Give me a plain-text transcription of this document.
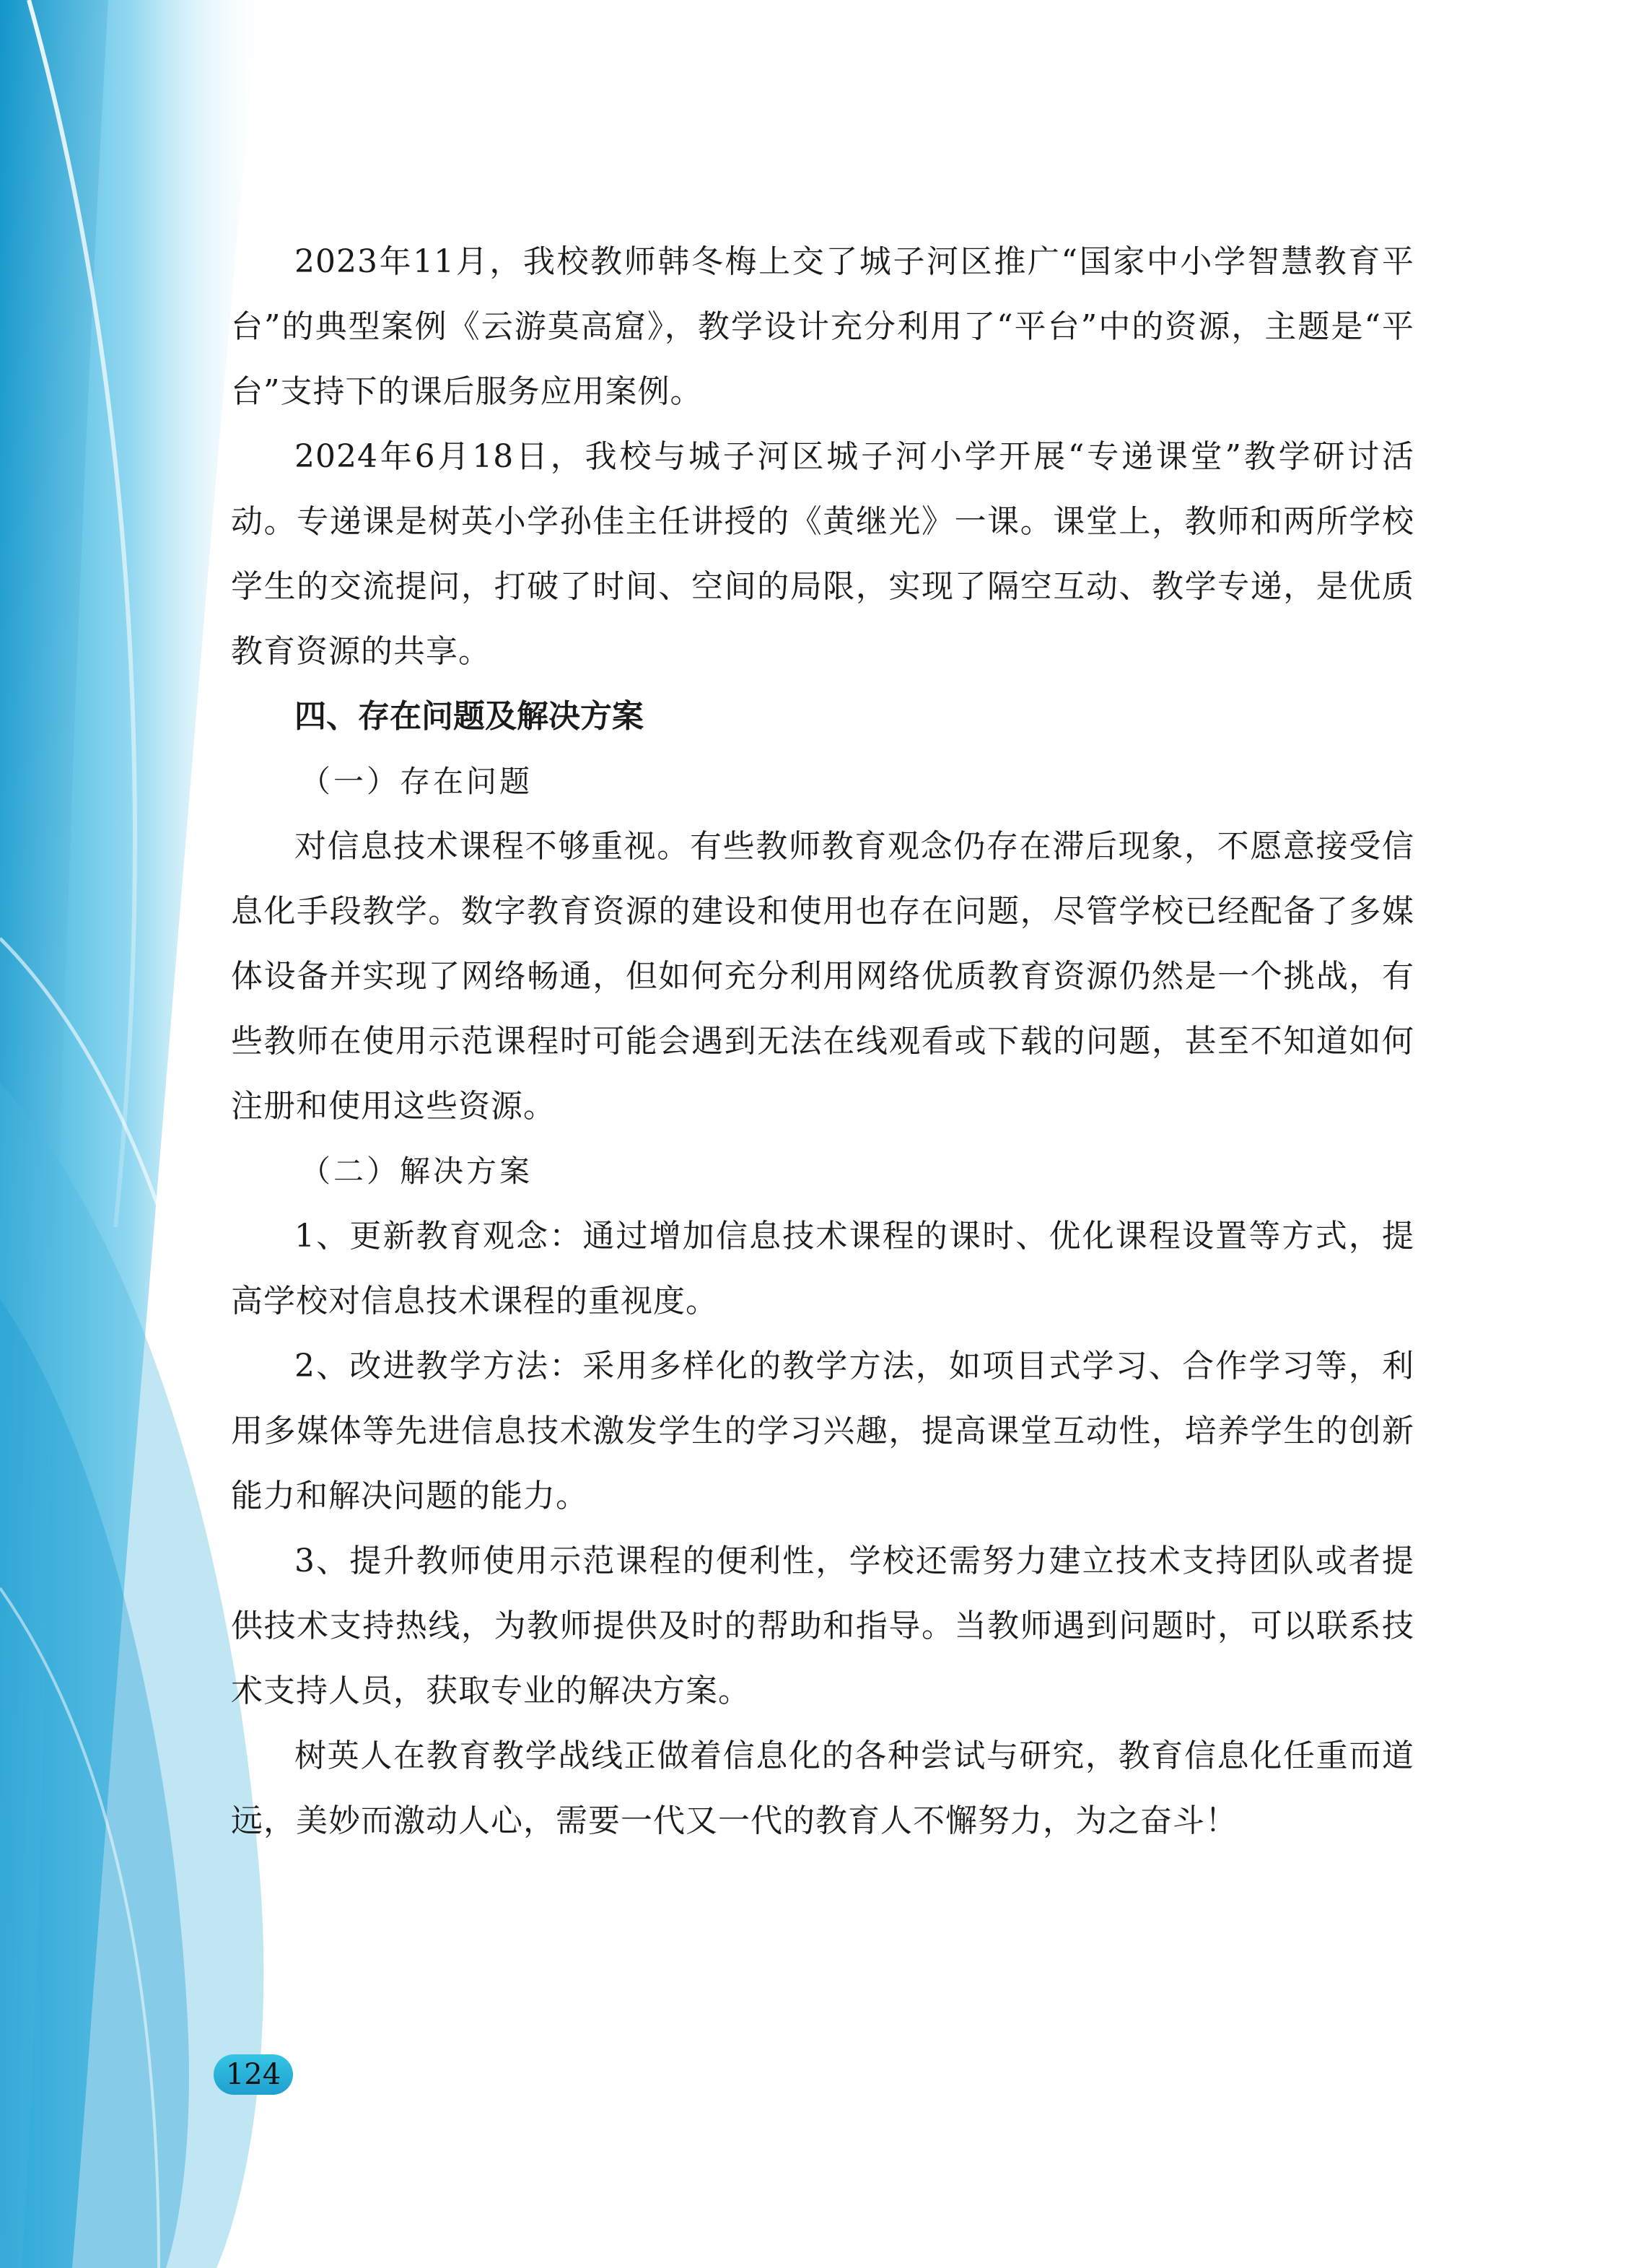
2023年11月，我校教师韩冬梅上交了城子河区推广“国家中小学智慧教育平台”的典型案例《云游莫高窟》，教学设计充分利用了“平台”中的资源，主题是“平台”支持下的课后服务应用案例。

2024年6月18日，我校与城子河区城子河小学开展“专递课堂”教学研讨活动。专递课是树英小学孙佳主任讲授的《黄继光》一课。课堂上，教师和两所学校学生的交流提问，打破了时间、空间的局限，实现了隔空互动、教学专递，是优质教育资源的共享。

四、存在问题及解决方案

（一）存在问题

对信息技术课程不够重视。有些教师教育观念仍存在滞后现象，不愿意接受信息化手段教学。数字教育资源的建设和使用也存在问题，尽管学校已经配备了多媒体设备并实现了网络畅通，但如何充分利用网络优质教育资源仍然是一个挑战，有些教师在使用示范课程时可能会遇到无法在线观看或下载的问题，甚至不知道如何注册和使用这些资源。

（二）解决方案

1、更新教育观念：通过增加信息技术课程的课时、优化课程设置等方式，提高学校对信息技术课程的重视度。

2、改进教学方法：采用多样化的教学方法，如项目式学习、合作学习等，利用多媒体等先进信息技术激发学生的学习兴趣，提高课堂互动性，培养学生的创新能力和解决问题的能力。

3、提升教师使用示范课程的便利性，学校还需努力建立技术支持团队或者提供技术支持热线，为教师提供及时的帮助和指导。当教师遇到问题时，可以联系技术支持人员，获取专业的解决方案。

树英人在教育教学战线正做着信息化的各种尝试与研究，教育信息化任重而道远，美妙而激动人心，需要一代又一代的教育人不懈努力，为之奋斗！

124
